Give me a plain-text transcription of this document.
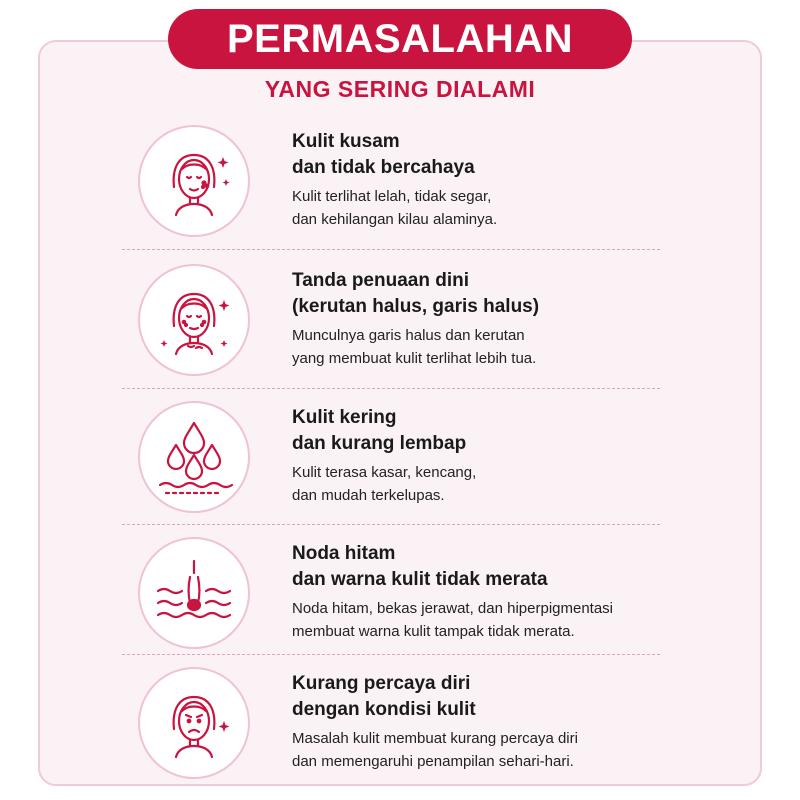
PERMASALAHAN
YANG SERING DIALAMI
Kulit kusam
dan tidak bercahaya
Kulit terlihat lelah, tidak segar,
dan kehilangan kilau alaminya.
Tanda penuaan dini
(kerutan halus, garis halus)
Munculnya garis halus dan kerutan
yang membuat kulit terlihat lebih tua.
Kulit kering
dan kurang lembap
Kulit terasa kasar, kencang,
dan mudah terkelupas.
Noda hitam
dan warna kulit tidak merata
Noda hitam, bekas jerawat, dan hiperpigmentasi
membuat warna kulit tampak tidak merata.
Kurang percaya diri
dengan kondisi kulit
Masalah kulit membuat kurang percaya diri
dan memengaruhi penampilan sehari-hari.
